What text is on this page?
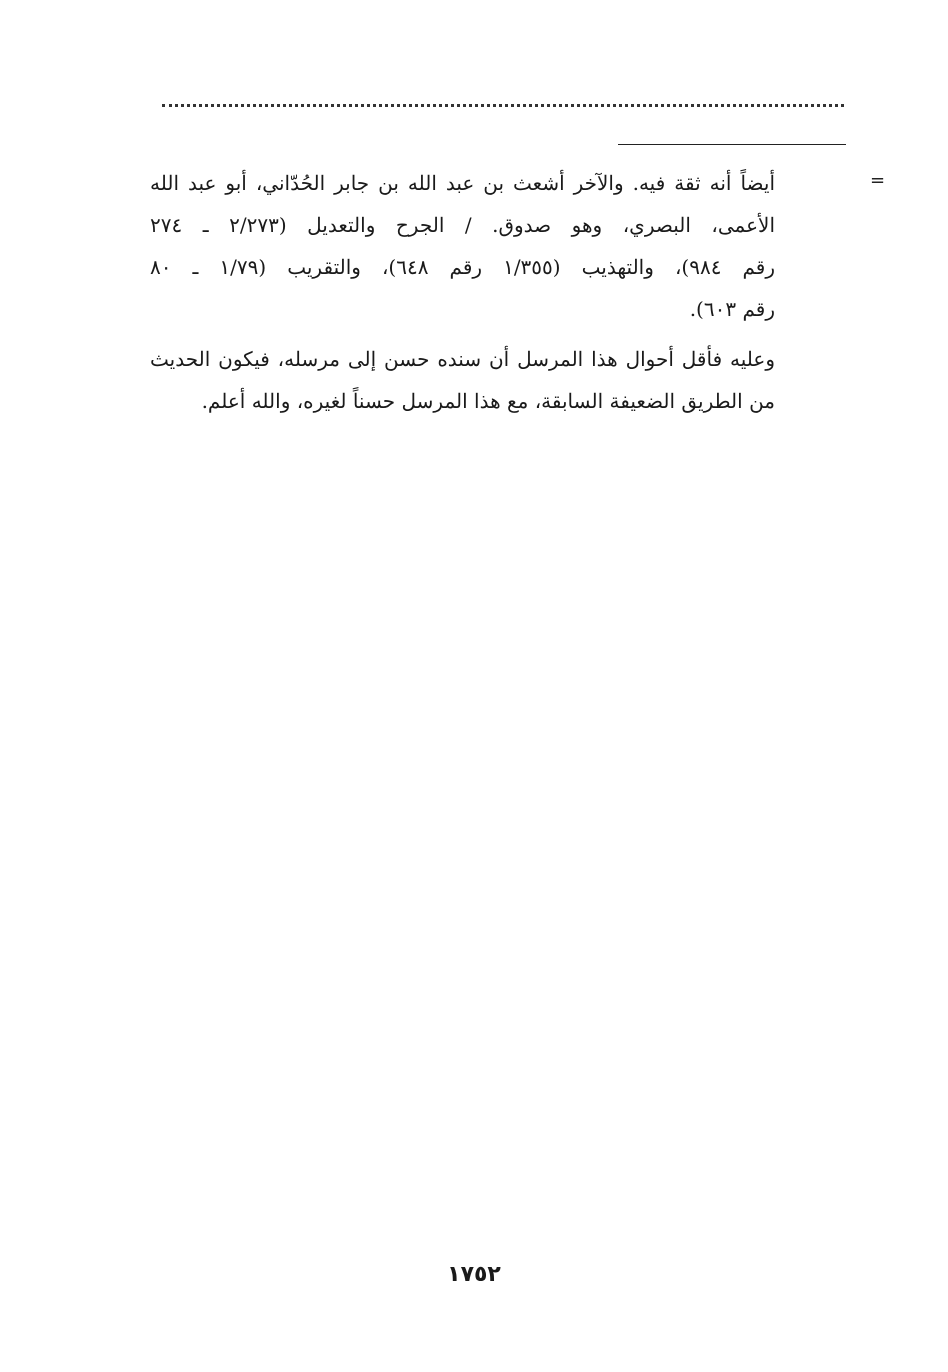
=
أيضاً أنه ثقة فيه. والآخر أشعث بن عبد الله بن جابر الحُدّاني، أبو عبد الله
الأعمى، البصري، وهو صدوق. / الجرح والتعديل (٢/٢٧٣ ـ ٢٧٤
رقم ٩٨٤)، والتهذيب (١/٣٥٥ رقم ٦٤٨)، والتقريب (١/٧٩ ـ ٨٠
رقم ٦٠٣).
وعليه فأقل أحوال هذا المرسل أن سنده حسن إلى مرسله، فيكون الحديث
من الطريق الضعيفة السابقة، مع هذا المرسل حسناً لغيره، والله أعلم.
١٧٥٢
